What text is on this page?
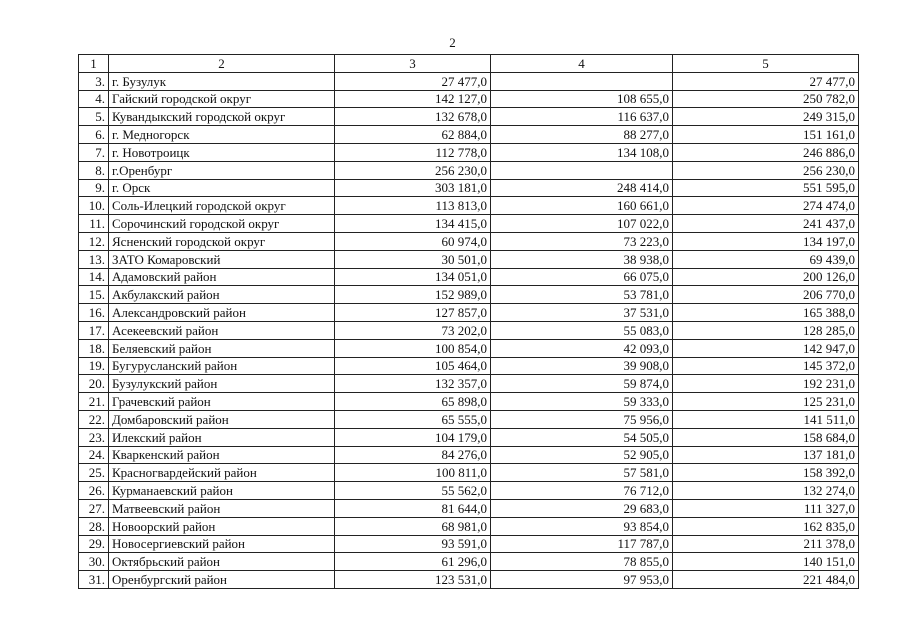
2
1	2	3	4	5
3.	г. Бузулук	27 477,0		27 477,0
4.	Гайский городской округ	142 127,0	108 655,0	250 782,0
5.	Кувандыкский городской округ	132 678,0	116 637,0	249 315,0
6.	г. Медногорск	62 884,0	88 277,0	151 161,0
7.	г. Новотроицк	112 778,0	134 108,0	246 886,0
8.	г.Оренбург	256 230,0		256 230,0
9.	г. Орск	303 181,0	248 414,0	551 595,0
10.	Соль-Илецкий городской округ	113 813,0	160 661,0	274 474,0
11.	Сорочинский городской округ	134 415,0	107 022,0	241 437,0
12.	Ясненский городской округ	60 974,0	73 223,0	134 197,0
13.	ЗАТО Комаровский	30 501,0	38 938,0	69 439,0
14.	Адамовский район	134 051,0	66 075,0	200 126,0
15.	Акбулакский район	152 989,0	53 781,0	206 770,0
16.	Александровский район	127 857,0	37 531,0	165 388,0
17.	Асекеевский район	73 202,0	55 083,0	128 285,0
18.	Беляевский район	100 854,0	42 093,0	142 947,0
19.	Бугурусланский район	105 464,0	39 908,0	145 372,0
20.	Бузулукский район	132 357,0	59 874,0	192 231,0
21.	Грачевский район	65 898,0	59 333,0	125 231,0
22.	Домбаровский район	65 555,0	75 956,0	141 511,0
23.	Илекский район	104 179,0	54 505,0	158 684,0
24.	Кваркенский район	84 276,0	52 905,0	137 181,0
25.	Красногвардейский район	100 811,0	57 581,0	158 392,0
26.	Курманаевский район	55 562,0	76 712,0	132 274,0
27.	Матвеевский район	81 644,0	29 683,0	111 327,0
28.	Новоорский район	68 981,0	93 854,0	162 835,0
29.	Новосергиевский район	93 591,0	117 787,0	211 378,0
30.	Октябрьский район	61 296,0	78 855,0	140 151,0
31.	Оренбургский район	123 531,0	97 953,0	221 484,0
